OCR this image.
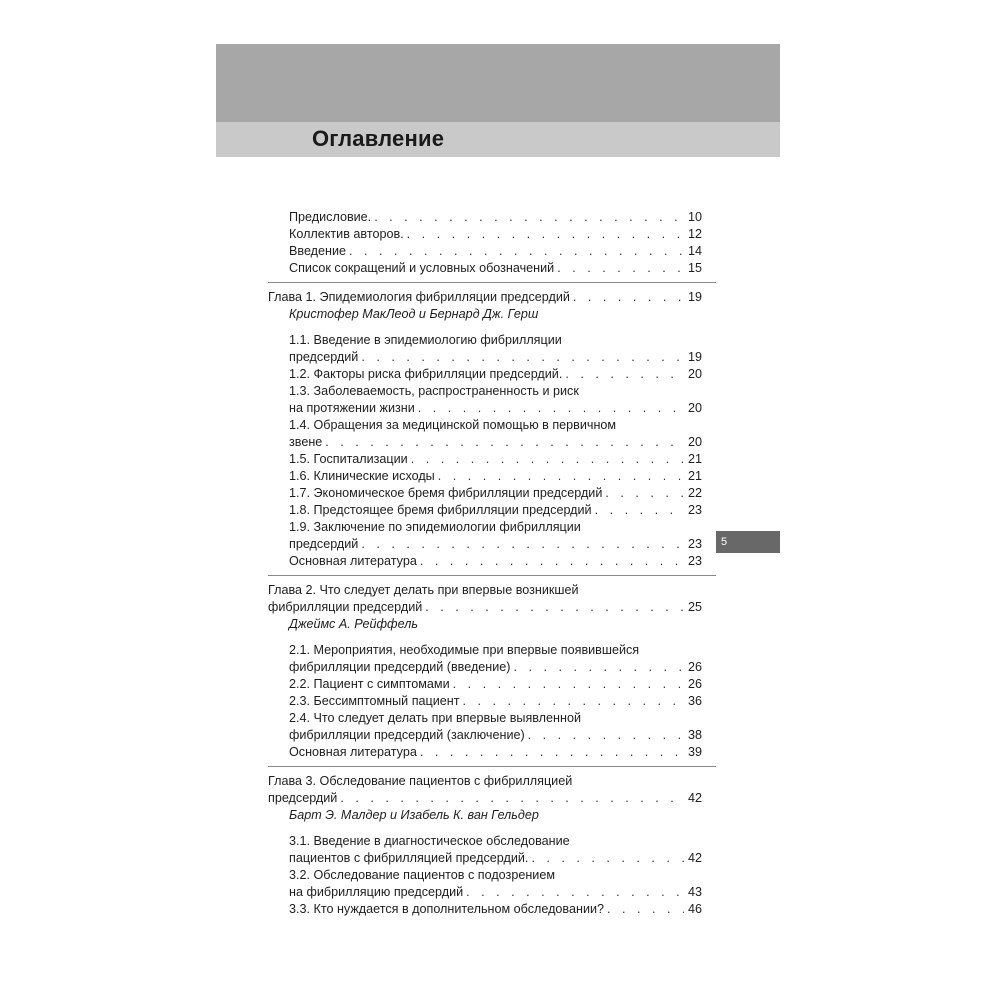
Оглавление
5
Предисловие. . . .	10
Коллектив авторов. . . .	12
Введение . . .	14
Список сокращений и условных обозначений . . .	15
Глава 1. Эпидемиология фибрилляции предсердий . . .	19
Кристофер МакЛеод и Бернард Дж. Герш
1.1. Введение в эпидемиологию фибрилляции
предсердий . . .	19
1.2. Факторы риска фибрилляции предсердий. . . .	20
1.3. Заболеваемость, распространенность и риск
на протяжении жизни . . .	20
1.4. Обращения за медицинской помощью в первичном
звене . . .	20
1.5. Госпитализации . . .	21
1.6. Клинические исходы . . .	21
1.7. Экономическое бремя фибрилляции предсердий . . .	22
1.8. Предстоящее бремя фибрилляции предсердий . . .	23
1.9. Заключение по эпидемиологии фибрилляции
предсердий . . .	23
Основная литература . . .	23
Глава 2. Что следует делать при впервые возникшей
фибрилляции предсердий . . .	25
Джеймс А. Рейффель
2.1. Мероприятия, необходимые при впервые появившейся
фибрилляции предсердий (введение) . . .	26
2.2. Пациент с симптомами . . .	26
2.3. Бессимптомный пациент . . .	36
2.4. Что следует делать при впервые выявленной
фибрилляции предсердий (заключение) . . .	38
Основная литература . . .	39
Глава 3. Обследование пациентов с фибрилляцией
предсердий . . .	42
Барт Э. Малдер и Изабель К. ван Гельдер
3.1. Введение в диагностическое обследование
пациентов с фибрилляцией предсердий. . . .	42
3.2. Обследование пациентов с подозрением
на фибрилляцию предсердий . . .	43
3.3. Кто нуждается в дополнительном обследовании? . . .	46
